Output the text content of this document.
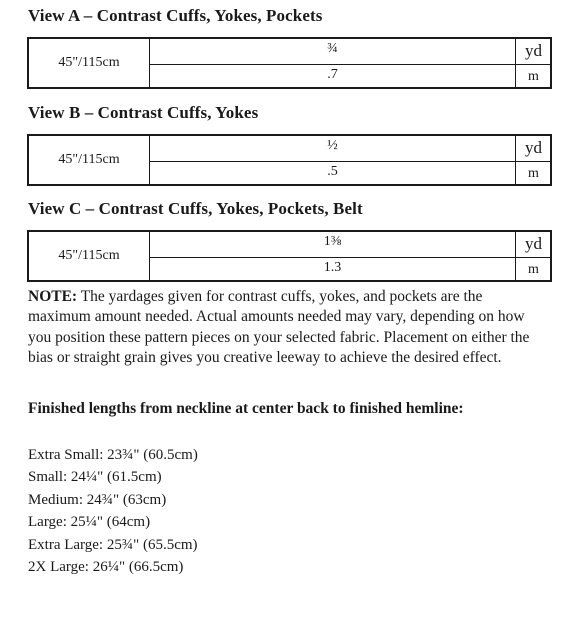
View A – Contrast Cuffs, Yokes, Pockets
45"/115cm
¾	yd
.7	m
View B – Contrast Cuffs, Yokes
45"/115cm
½	yd
.5	m
View C – Contrast Cuffs, Yokes, Pockets, Belt
45"/115cm
1⅜	yd
1.3	m
NOTE: The yardages given for contrast cuffs, yokes, and pockets are the maximum amount needed. Actual amounts needed may vary, depending on how you position these pattern pieces on your selected fabric. Placement on either the bias or straight grain gives you creative leeway to achieve the desired effect.
Finished lengths from neckline at center back to finished hemline:
Extra Small: 23¾" (60.5cm)
Small: 24¼" (61.5cm)
Medium: 24¾" (63cm)
Large: 25¼" (64cm)
Extra Large: 25¾" (65.5cm)
2X Large: 26¼" (66.5cm)
